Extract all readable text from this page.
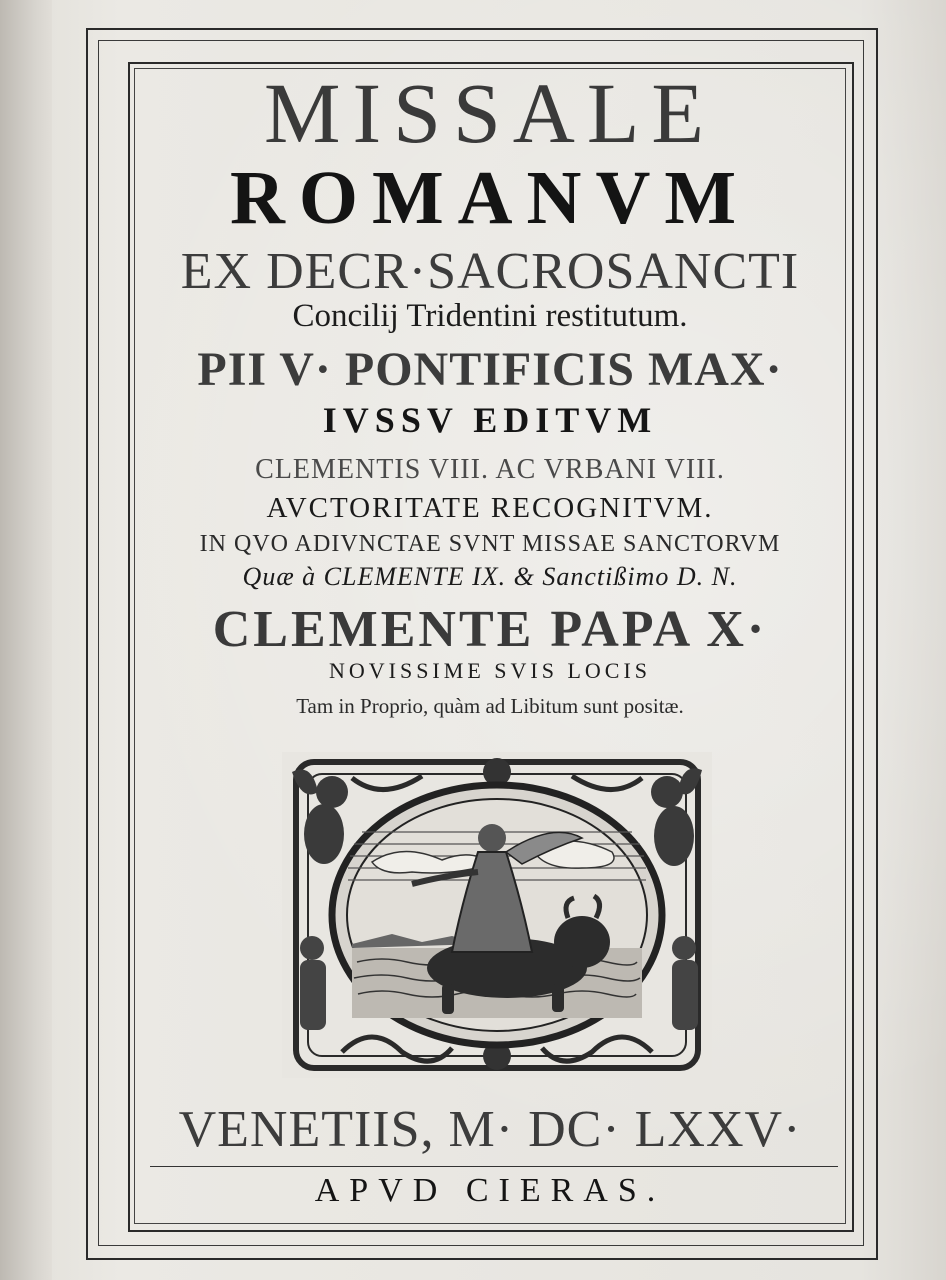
MISSALE

ROMANVM

EX DECR·SACROSANCTI

Concilij Tridentini restitutum.

PII V· PONTIFICIS MAX·

IVSSV EDITVM

CLEMENTIS VIII. AC VRBANI VIII.

AVCTORITATE RECOGNITVM.

IN QVO ADIVNCTAE SVNT MISSAE SANCTORVM

Quæ à CLEMENTE IX. & Sanctißimo D. N.

CLEMENTE PAPA X·

NOVISSIME SVIS LOCIS

Tam in Proprio, quàm ad Libitum sunt positæ.

VENETIIS, M· DC· LXXV·

APVD CIERAS.
